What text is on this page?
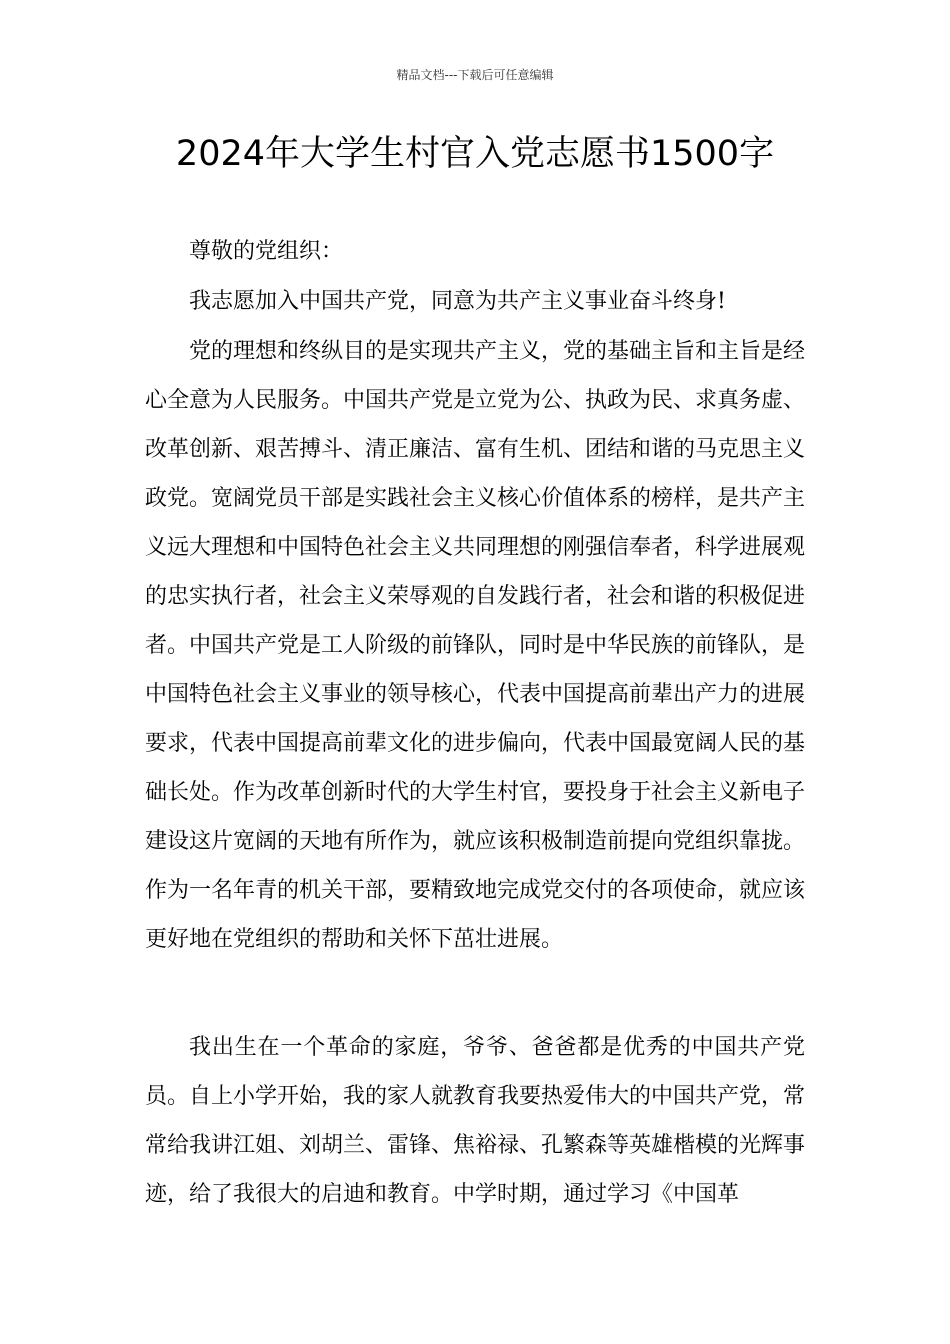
精品文档---下载后可任意编辑
2024年大学生村官入党志愿书1500字

尊敬的党组织：

我志愿加入中国共产党，同意为共产主义事业奋斗终身!

党的理想和终纵目的是实现共产主义，党的基础主旨和主旨是经心全意为人民服务。中国共产党是立党为公、执政为民、求真务虚、改革创新、艰苦搏斗、清正廉洁、富有生机、团结和谐的马克思主义政党。宽阔党员干部是实践社会主义核心价值体系的榜样，是共产主义远大理想和中国特色社会主义共同理想的刚强信奉者，科学进展观的忠实执行者，社会主义荣辱观的自发践行者，社会和谐的积极促进者。中国共产党是工人阶级的前锋队，同时是中华民族的前锋队，是中国特色社会主义事业的领导核心，代表中国提高前辈出产力的进展要求，代表中国提高前辈文化的进步偏向，代表中国最宽阔人民的基础长处。作为改革创新时代的大学生村官，要投身于社会主义新电子建设这片宽阔的天地有所作为，就应该积极制造前提向党组织靠拢。作为一名年青的机关干部，要精致地完成党交付的各项使命，就应该更好地在党组织的帮助和关怀下茁壮进展。

我出生在一个革命的家庭，爷爷、爸爸都是优秀的中国共产党员。自上小学开始，我的家人就教育我要热爱伟大的中国共产党，常常给我讲江姐、刘胡兰、雷锋、焦裕禄、孔繁森等英雄楷模的光辉事迹，给了我很大的启迪和教育。中学时期，通过学习《中国革
